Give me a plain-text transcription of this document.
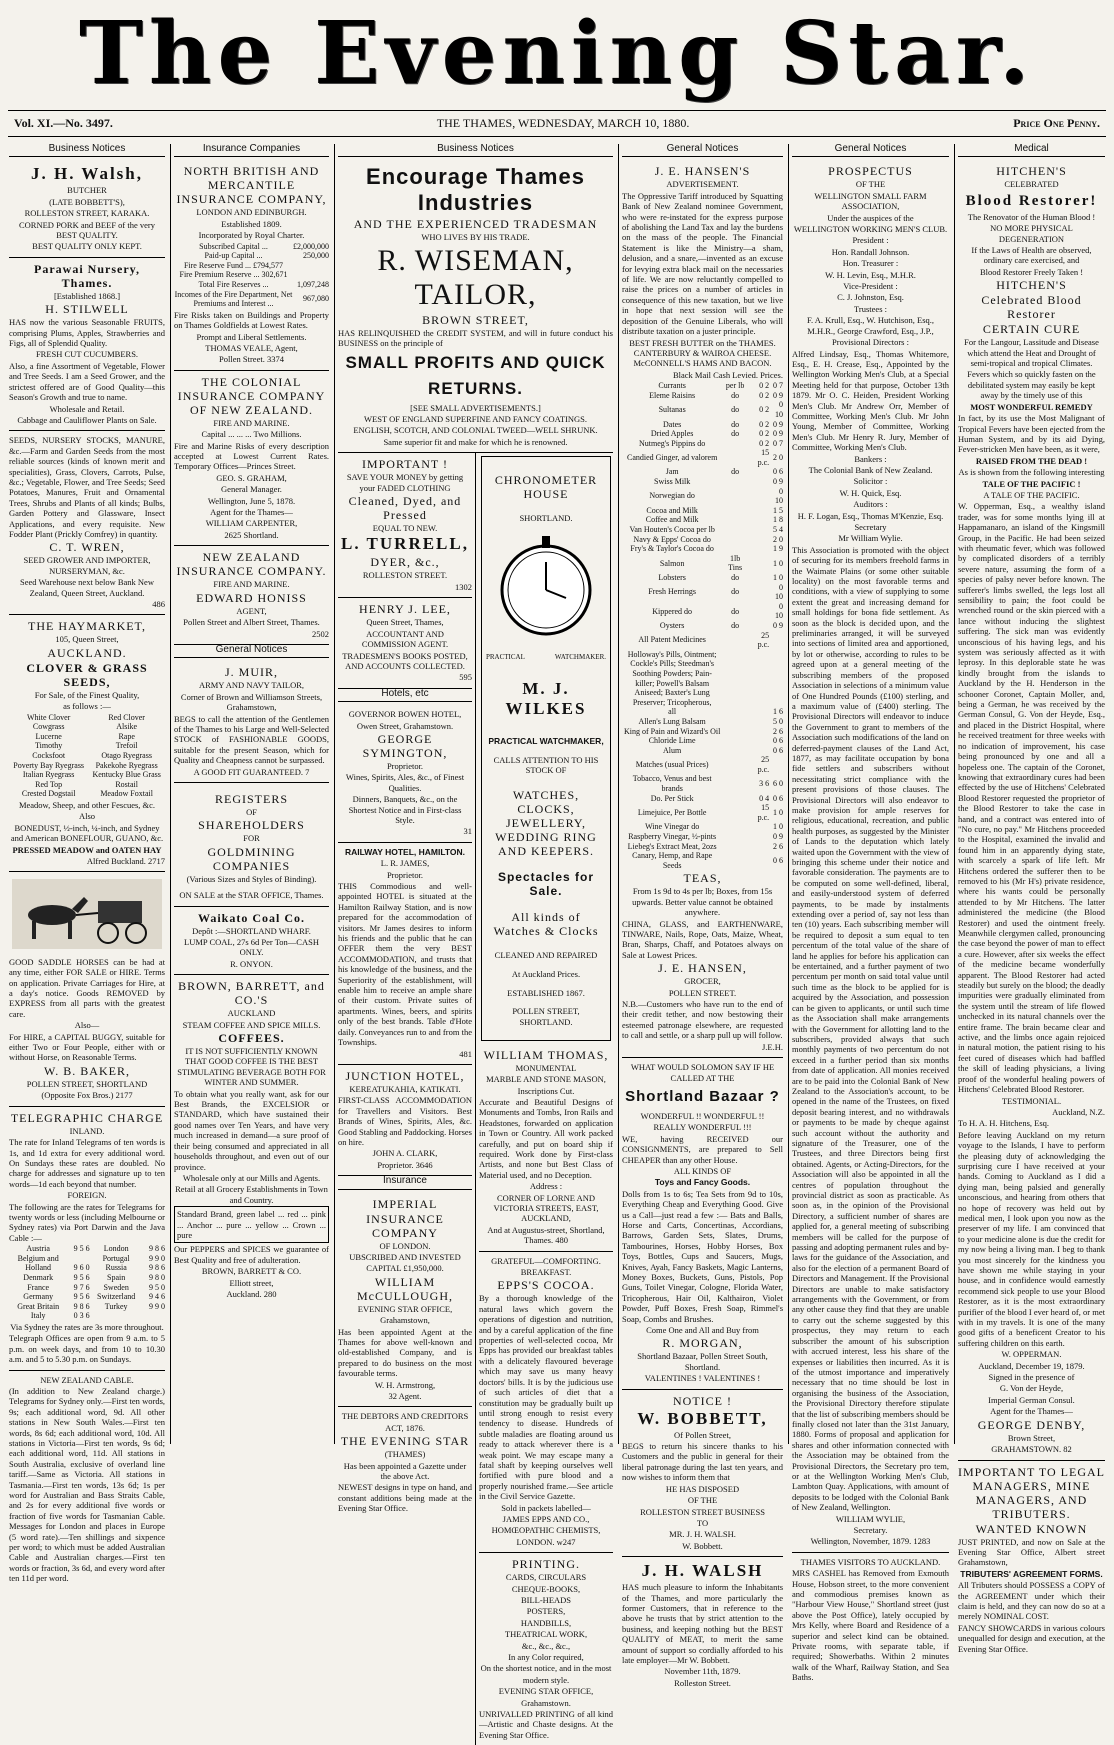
The Evening Star.
Vol. XI.—No. 3497.	THE THAMES, WEDNESDAY, MARCH 10, 1880.	Price One Penny.
Business Notices

J. H. Walsh,

BUTCHER

(LATE BOBBETT'S),

ROLLESTON STREET, KARAKA.

CORNED PORK and BEEF of the very BEST QUALITY.

BEST QUALITY ONLY KEPT.

Parawai Nursery, Thames.

[Established 1868.]

H. STILWELL

HAS now the various Seasonable FRUITS, comprising Plums, Apples, Strawberries and Figs, all of Splendid Quality.

FRESH CUT CUCUMBERS.

Also, a fine Assortment of Vegetable, Flower and Tree Seeds. I am a Seed Grower, and the strictest offered are of Good Quality—this Season's Growth and true to name.

Wholesale and Retail.

Cabbage and Cauliflower Plants on Sale.

SEEDS, NURSERY STOCKS, MANURE, &c.—Farm and Garden Seeds from the most reliable sources (kinds of known merit and specialities), Grass, Clovers, Carrots, Pulse, &c.; Vegetable, Flower, and Tree Seeds; Seed Potatoes, Manures, Fruit and Ornamental Trees, Shrubs and Plants of all kinds; Bulbs, Garden Pottery and Glassware, Insect Applications, and every requisite. New Fodder Plant (Prickly Comfrey) in quantity.

C. T. WREN,

SEED GROWER AND IMPORTER, NURSERYMAN, &c.

Seed Warehouse next below Bank New Zealand, Queen Street, Auckland.

486

THE HAYMARKET,

105, Queen Street,

AUCKLAND.

CLOVER & GRASS SEEDS,

For Sale, of the Finest Quality,

as follows :—

White Clover	Red Clover
Cowgrass	Alsike
Lucerne	Rape
Timothy	Trefoil
Cocksfoot	Otago Ryegrass
Poverty Bay Ryegrass	Pakekohe Ryegrass
Italian Ryegrass	Kentucky Blue Grass
Red Top	Rostail
Crested Dogstail	Meadow Foxtail

Meadow, Sheep, and other Fescues, &c.

Also

BONEDUST, ½-inch, ¼-inch, and Sydney and American BONEFLOUR, GUANO, &c.

PRESSED MEADOW and OATEN HAY

Alfred Buckland. 2717

GOOD SADDLE HORSES can be had at any time, either FOR SALE or HIRE. Terms on application. Private Carriages for Hire, at a day's notice. Goods REMOVED by EXPRESS from all parts with the greatest care.

Also—

For HIRE, a CAPITAL BUGGY, suitable for either Two or Four People, either with or without Horse, on Reasonable Terms.

W. B. BAKER,

POLLEN STREET, SHORTLAND

(Opposite Fox Bros.) 2177

TELEGRAPHIC CHARGE

INLAND.

The rate for Inland Telegrams of ten words is 1s, and 1d extra for every additional word. On Sundays these rates are doubled. No charge for addresses and signature up to ten words—1d each beyond that number.

FOREIGN.

The following are the rates for Telegrams for twenty words or less (including Melbourne or Sydney rates) via Port Darwin and the Java Cable :—

Austria	9 5 6	London	9 8 6
Belgium and		Portugal	9 9 0
Holland	9 6 0	Russia	9 8 6
Denmark	9 5 6	Spain	9 8 0
France	9 7 6	Sweden	9 5 0
Germany	9 5 6	Switzerland	9 4 6
Great Britain	9 8 6	Turkey	9 9 0
Italy	0 3 6		

Via Sydney the rates are 3s more throughout.

Telegraph Offices are open from 9 a.m. to 5 p.m. on week days, and from 10 to 10.30 a.m. and 5 to 5.30 p.m. on Sundays.

NEW ZEALAND CABLE.

(In addition to New Zealand charge.) Telegrams for Sydney only.—First ten words, 9s; each additional word, 9d. All other stations in New South Wales.—First ten words, 8s 6d; each additional word, 10d. All stations in Victoria—First ten words, 9s 6d; each additional word, 11d. All stations in South Australia, exclusive of overland line tariff.—Same as Victoria. All stations in Tasmania.—First ten words, 13s 6d; 1s per word for Australian and Bass Straits Cable, and 2s for every additional five words or fraction of five words for Tasmanian Cable. Messages for London and places in Europe (5 word rate).—Ten shillings and sixpence per word; to which must be added Australian Cable and Australian charges.—First ten words or fraction, 3s 6d, and every word after ten 11d per word.

Insurance Companies

NORTH BRITISH AND MERCANTILE INSURANCE COMPANY,

LONDON AND EDINBURGH.

Established 1809.

Incorporated by Royal Charter.

Subscribed Capital ...	£2,000,000
Paid-up Capital ...	250,000
Fire Reserve Fund ... £794,577	
Fire Premium Reserve ... 302,671	
Total Fire Reserves ...	1,097,248
Incomes of the Fire Department, Net Premiums and Interest ...	967,080

Fire Risks taken on Buildings and Property on Thames Goldfields at Lowest Rates.

Prompt and Liberal Settlements.

THOMAS VEALE, Agent,

Pollen Street. 3374

THE COLONIAL INSURANCE COMPANY OF NEW ZEALAND.

FIRE AND MARINE.

Capital ... ... ... Two Millions.

Fire and Marine Risks of every description accepted at Lowest Current Rates. Temporary Offices—Princes Street.

GEO. S. GRAHAM,

General Manager.

Wellington, June 5, 1878.

Agent for the Thames—

WILLIAM CARPENTER,

2625 Shortland.

NEW ZEALAND INSURANCE COMPANY.

FIRE AND MARINE.

EDWARD HONISS

AGENT,

Pollen Street and Albert Street, Thames.

2502

General Notices

J. MUIR,

ARMY AND NAVY TAILOR,

Corner of Brown and Williamson Streets, Grahamstown,

BEGS to call the attention of the Gentlemen of the Thames to his Large and Well-Selected STOCK of FASHIONABLE GOODS, suitable for the present Season, which for Quality and Cheapness cannot be surpassed.

A GOOD FIT GUARANTEED. 7

REGISTERS

OF

SHAREHOLDERS

FOR

GOLDMINING COMPANIES

(Various Sizes and Styles of Binding).

ON SALE at the STAR OFFICE, Thames.

Waikato Coal Co.

Depôt :—SHORTLAND WHARF.

LUMP COAL, 27s 6d Per Ton—CASH ONLY.

R. ONYON.

BROWN, BARRETT, and CO.'S

AUCKLAND

STEAM COFFEE AND SPICE MILLS.

COFFEES.

IT IS NOT SUFFICIENTLY KNOWN THAT GOOD COFFEE IS THE BEST STIMULATING BEVERAGE BOTH FOR WINTER AND SUMMER.

To obtain what you really want, ask for our Best Brands, the EXCELSIOR or STANDARD, which have sustained their good names over Ten Years, and have very much increased in demand—a sure proof of their being consumed and appreciated in all households throughout, and even out of our province.

Wholesale only at our Mills and Agents.

Retail at all Grocery Establishments in Town and Country.

Standard Brand, green label ... red ... pink ... Anchor ... pure ... yellow ... Crown ... pure

Our PEPPERS and SPICES we guarantee of Best Quality and free of adulteration.

BROWN, BARRETT & CO.

Elliott street,

Auckland. 280

Business Notices

Encourage Thames Industries

AND THE EXPERIENCED TRADESMAN

WHO LIVES BY HIS TRADE.

R. WISEMAN, TAILOR,

BROWN STREET,

HAS RELINQUISHED the CREDIT SYSTEM, and will in future conduct his BUSINESS on the principle of

SMALL PROFITS AND QUICK RETURNS.

[SEE SMALL ADVERTISEMENTS.]

WEST OF ENGLAND SUPERFINE AND FANCY COATINGS.

ENGLISH, SCOTCH, AND COLONIAL TWEED—WELL SHRUNK.

Same superior fit and make for which he is renowned.

IMPORTANT !

SAVE YOUR MONEY by getting your FADED CLOTHING

Cleaned, Dyed, and Pressed

EQUAL TO NEW.

L. TURRELL,

DYER, &c.,

ROLLESTON STREET.

1302

HENRY J. LEE,

Queen Street, Thames,

ACCOUNTANT AND COMMISSION AGENT.

TRADESMEN'S BOOKS POSTED, AND ACCOUNTS COLLECTED.

595

Hotels, etc

GOVERNOR BOWEN HOTEL,

Owen Street, Grahamstown.

GEORGE SYMINGTON,

Proprietor.

Wines, Spirits, Ales, &c., of Finest Qualities.

Dinners, Banquets, &c., on the Shortest Notice and in First-class Style.

31

RAILWAY HOTEL, HAMILTON.

L. R. JAMES,

Proprietor.

THIS Commodious and well-appointed HOTEL is situated at the Hamilton Railway Station, and is now prepared for the accommodation of visitors. Mr James desires to inform his friends and the public that he can OFFER them the very BEST ACCOMMODATION, and trusts that his knowledge of the business, and the Superiority of the establishment, will enable him to receive an ample share of their custom. Private suites of apartments. Wines, beers, and spirits only of the best brands. Table d'Hote daily. Conveyances run to and from the Townships.

481

JUNCTION HOTEL,

KEREATUKAHIA, KATIKATI.

FIRST-CLASS ACCOMMODATION for Travellers and Visitors. Best Brands of Wines, Spirits, Ales, &c. Good Stabling and Paddocking. Horses on hire.

JOHN A. CLARK,

Proprietor. 3646

Insurance

IMPERIAL

INSURANCE COMPANY

OF LONDON.

UBSCRIBED AND INVESTED

CAPITAL £1,950,000.

WILLIAM McCULLOUGH,

EVENING STAR OFFICE,

Grahamstown,

Has been appointed Agent at the Thames for above well-known and old-established Company, and is prepared to do business on the most favourable terms.

W. H. Armstrong,

32 Agent.

THE DEBTORS AND CREDITORS

ACT, 1876.

THE EVENING STAR

(THAMES)

Has been appointed a Gazette under the above Act.

NEWEST designs in type on hand, and constant additions being made at the Evening Star Office.

CHRONOMETER HOUSE

SHORTLAND.

PRACTICAL	WATCHMAKER.

M. J. WILKES

PRACTICAL WATCHMAKER,

CALLS ATTENTION TO HIS STOCK OF

WATCHES, CLOCKS, JEWELLERY, WEDDING RING AND KEEPERS.

Spectacles for Sale.

All kinds of Watches & Clocks

CLEANED AND REPAIRED

At Auckland Prices.

ESTABLISHED 1867.

POLLEN STREET, SHORTLAND.

WILLIAM THOMAS,

MONUMENTAL

MARBLE AND STONE MASON,

Inscriptions Cut.

Accurate and Beautiful Designs of Monuments and Tombs, Iron Rails and Headstones, forwarded on application in Town or Country. All work packed carefully, and put on board ship if required. Work done by First-class Artists, and none but Best Class of Material used, and no Deception.

Address :

CORNER OF LORNE AND VICTORIA STREETS, EAST, AUCKLAND,

And at Augustus-street, Shortland, Thames. 480

GRATEFUL—COMFORTING.

BREAKFAST.

EPPS'S COCOA.

By a thorough knowledge of the natural laws which govern the operations of digestion and nutrition, and by a careful application of the fine properties of well-selected cocoa, Mr Epps has provided our breakfast tables with a delicately flavoured beverage which may save us many heavy doctors' bills. It is by the judicious use of such articles of diet that a constitution may be gradually built up until strong enough to resist every tendency to disease. Hundreds of subtle maladies are floating around us ready to attack wherever there is a weak point. We may escape many a fatal shaft by keeping ourselves well fortified with pure blood and a properly nourished frame.—See article in the Civil Service Gazette.

Sold in packets labelled—

JAMES EPPS AND CO.,

HOMŒOPATHIC CHEMISTS,

LONDON. w247

PRINTING.

CARDS, CIRCULARS

CHEQUE-BOOKS,

BILL-HEADS

POSTERS,

HANDBILLS,

THEATRICAL WORK,

&c., &c., &c.,

In any Color required,

On the shortest notice, and in the most

modern style.

EVENING STAR OFFICE,

Grahamstown.

UNRIVALLED PRINTING of all kind —Artistic and Chaste designs. At the Evening Star Office.

General Notices

J. E. HANSEN'S

ADVERTISEMENT.

The Oppressive Tariff introduced by Squatting Bank of New Zealand nominee Government, who were re-instated for the express purpose of abolishing the Land Tax and lay the burdens on the mass of the people. The Financial Statement is like the Ministry—a sham, delusion, and a snare,—invented as an excuse for levying extra black mail on the necessaries of life. We are now reluctantly compelled to raise the prices on a number of articles in consequence of this new taxation, but we live in hope that next session will see the deposition of the Genuine Liberals, who will distribute taxation on a juster principle.

BEST FRESH BUTTER on the THAMES. CANTERBURY & WAIROA CHEESE. McCONNELL'S HAMS AND BACON.

Black Mail Cash Levied. Prices.

Currants	per lb	0 2	0 7
Eleme Raisins	do	0 2	0 9
Sultanas	do	0 2	0 10
Dates	do	0 2	0 9
Dried Apples	do	0 2	0 9
Nutmeg's Pippins do		0 2	0 7
Candied Ginger, ad valorem		15 p.c.	2 0
Jam	do		0 6
Swiss Milk			0 9
Norwegian do			0 10
Cocoa and Milk			1 5
Coffee and Milk			1 8
Van Houten's Cocoa per lb			5 4
Navy & Epps' Cocoa do			2 0
Fry's & Taylor's Cocoa do			1 9
Salmon	1lb Tins		1 0
Lobsters	do		1 0
Fresh Herrings	do		0 10
Kippered do	do		0 10
Oysters	do		0 9
All Patent Medicines		25 p.c.	
Holloway's Pills, Ointment;			
Cockle's Pills; Steedman's			
Soothing Powders; Pain-			
killer; Powell's Balsam			
Aniseed; Baxter's Lung			
Preserver; Tricopherous,			
all			1 6
Allen's Lung Balsam			5 0
King of Pain and Wizard's Oil			2 6
Chloride Lime			0 6
Alum			0 6
Matches (usual Prices)		25 p.c.	
Tobacco, Venus and best brands		3 6	6 0
Do. Per Stick		0 4	0 6
Limejuice, Per Bottle		15 p.c.	1 0
Wine Vinegar do			1 0
Raspberry Vinegar, ½-pints			0 9
Liebeg's Extract Meat, 2ozs			2 6
Canary, Hemp, and Rape Seeds			0 6

TEAS,

From 1s 9d to 4s per lb; Boxes, from 15s upwards. Better value cannot be obtained anywhere.

CHINA, GLASS, and EARTHENWARE, TINWARE, Nails, Rope, Oats, Maize, Wheat, Bran, Sharps, Chaff, and Potatoes always on Sale at Lowest Prices.

J. E. HANSEN,

GROCER,

POLLEN STREET.

N.B.—Customers who have run to the end of their credit tether, and now bestowing their esteemed patronage elsewhere, are requested to call and settle, or a sharp pull up will follow.

J.E.H.

WHAT WOULD SOLOMON SAY IF HE CALLED AT THE

Shortland Bazaar ?

WONDERFUL !! WONDERFUL !!

REALLY WONDERFUL !!!

WE, having RECEIVED our CONSIGNMENTS, are prepared to Sell CHEAPER than any other House.

ALL KINDS OF

Toys and Fancy Goods.

Dolls from 1s to 6s; Tea Sets from 9d to 10s, Everything Cheap and Everything Good. Give us a Call—just read a few :— Bats and Balls, Horse and Carts, Concertinas, Accordians, Barrows, Garden Sets, Slates, Drums, Tambourines, Horses, Hobby Horses, Box Toys, Bottles, Cups and Saucers, Mugs, Knives, Ayah, Fancy Baskets, Magic Lanterns, Money Boxes, Buckets, Guns, Pistols, Pop Guns, Toilet Vinegar, Cologne, Florida Water, Tricopherous, Hair Oil, Kalthairon, Violet Powder, Puff Boxes, Fresh Soap, Rimmel's Soap, Combs and Brushes.

Come One and All and Buy from

R. MORGAN,

Shortland Bazaar, Pollen Street South, Shortland.

VALENTINES ! VALENTINES !

NOTICE !

W. BOBBETT,

Of Pollen Street,

BEGS to return his sincere thanks to his Customers and the public in general for their liberal patronage during the last ten years, and now wishes to inform them that

HE HAS DISPOSED

OF THE

ROLLESTON STREET BUSINESS

TO

MR. J. H. WALSH.

W. Bobbett.

J. H. WALSH

HAS much pleasure to inform the Inhabitants of the Thames, and more particularly the former Customers, that in reference to the above he trusts that by strict attention to the business, and keeping nothing but the BEST QUALITY of MEAT, to merit the same amount of support so cordially afforded to his late employer—Mr W. Bobbett.

November 11th, 1879.

Rolleston Street.

General Notices

PROSPECTUS

OF THE

WELLINGTON SMALL FARM ASSOCIATION,

Under the auspices of the

WELLINGTON WORKING MEN'S CLUB.

President :

Hon. Randall Johnson.

Hon. Treasurer :

W. H. Levin, Esq., M.H.R.

Vice-President :

C. J. Johnston, Esq.

Trustees :

F. A. Krull, Esq., W. Hutchison, Esq., M.H.R., George Crawford, Esq., J.P.,

Provisional Directors :

Alfred Lindsay, Esq., Thomas Whitemore, Esq., E. H. Crease, Esq., Appointed by the Wellington Working Men's Club, at a Special Meeting held for that purpose, October 13th 1879. Mr O. C. Heiden, President Working Men's Club. Mr Andrew Orr, Member of Committee, Working Men's Club. Mr John Young, Member of Committee, Working Men's Club. Mr Henry R. Jury, Member of Committee, Working Men's Club.

Bankers :

The Colonial Bank of New Zealand.

Solicitor :

W. H. Quick, Esq.

Auditors :

H. F. Logan, Esq., Thomas M'Kenzie, Esq.

Secretary

Mr William Wylie.

This Association is promoted with the object of securing for its members freehold farms in the Waimate Plains (or some other suitable locality) on the most favorable terms and conditions, with a view of supplying to some extent the great and increasing demand for small holdings for bona fide settlement. As soon as the block is decided upon, and the preliminaries arranged, it will be surveyed into sections of limited area and apportioned, by lot or otherwise, according to rules to be agreed upon at a general meeting of the subscribing members of the proposed Association in selections of a minimum value of One Hundred Pounds (£100) sterling, and a maximum value of (£400) sterling. The Provisional Directors will endeavor to induce the Government to grant to members of the Association such modifications of the land on deferred-payment clauses of the Land Act, 1877, as may facilitate occupation by bona fide settlers and subscribers without necessitating strict compliance with the present provisions of those clauses. The Provisional Directors will also endeavor to make provision for ample reserves for religious, educational, recreation, and public health purposes, as suggested by the Minister of Lands to the deputation which lately waited upon the Government with the view of bringing this scheme under their notice and favorable consideration. The payments are to be computed on some well-defined, liberal, and easily-understood system of deferred payments, to be made by instalments extending over a period of, say not less than ten (10) years. Each subscribing member will be required to deposit a sum equal to ten percentum of the total value of the share of land he applies for before his application can be entertained, and a further payment of two percentum per month on said total value until such time as the block to be applied for is acquired by the Association, and possession can be given to applicants, or until such time as the Association shall make arrangements with the Government for allotting land to the subscribers, provided always that such monthly payments of two percentum do not exceed in a further period than six months from date of application. All monies received are to be paid into the Colonial Bank of New Zealand to the Association's account, to be opened in the name of the Trustees, on fixed deposit bearing interest, and no withdrawals or payments to be made by cheque against such account without the authority and signature of the Treasurer, one of the Trustees, and three Directors being first obtained. Agents, or Acting-Directors, for the Association will also be appointed in all the centres of population throughout the provincial district as soon as practicable. As soon as, in the opinion of the Provisional Directory, a sufficient number of shares are applied for, a general meeting of subscribing members will be called for the purpose of passing and adopting permanent rules and by-laws for the guidance of the Association, and also for the election of a permanent Board of Directors and Management. If the Provisional Directors are unable to make satisfactory arrangements with the Government, or from any other cause they find that they are unable to carry out the scheme suggested by this prospectus, they may return to each subscriber the amount of his subscription with accrued interest, less his share of the expenses or liabilities then incurred. As it is of the utmost importance and imperatively necessary that no time should be lost in organising the business of the Association, the Provisional Directory therefore stipulate that the list of subscribing members should be finally closed not later than the 31st January, 1880. Forms of proposal and application for shares and other information connected with the Association may be obtained from the Provisional Directors, the Secretary pro tem, or at the Wellington Working Men's Club, Lambton Quay. Applications, with amount of deposits to be lodged with the Colonial Bank of New Zealand, Wellington.

WILLIAM WYLIE,

Secretary.

Wellington, November, 1879. 1283

THAMES VISITORS TO AUCKLAND.

MRS CASHEL has Removed from Exmouth House, Hobson street, to the more convenient and commodious premises known as "Harbour View House," Shortland street (just above the Post Office), lately occupied by Mrs Kelly, where Board and Residence of a superior and select kind can be obtained. Private rooms, with separate table, if required; Showerbaths. Within 2 minutes walk of the Wharf, Railway Station, and Sea Baths.

Medical

HITCHEN'S

CELEBRATED

Blood Restorer!

The Renovator of the Human Blood !

NO MORE PHYSICAL DEGENERATION

If the Laws of Health are observed, ordinary care exercised, and

Blood Restorer Freely Taken !

HITCHEN'S

Celebrated Blood Restorer

CERTAIN CURE

For the Langour, Lassitude and Disease which attend the Heat and Drought of semi-tropical and tropical Climates.

Fevers which so quickly fasten on the debilitated system may easily be kept away by the timely use of this

MOST WONDERFUL REMEDY

In fact, by its use the Most Malignant of Tropical Fevers have been ejected from the Human System, and by its aid Dying, Fever-stricken Men have been, as it were,

RAISED FROM THE DEAD !

As is shown from the following interesting

TALE OF THE PACIFIC !

A TALE OF THE PACIFIC.

W. Opperman, Esq., a wealthy island trader, was for some months lying ill at Happamanaro, an island of the Kingsmill Group, in the Pacific. He had been seized with rheumatic fever, which was followed by complicated disorders of a terribly severe nature, assuming the form of a species of palsy never before known. The sufferer's limbs swelled, the legs lost all sensibility to pain; the foot could be wrenched round or the skin pierced with a lance without inducing the slightest suffering. The sick man was evidently unconscious of his having legs, and his system was seriously affected as it with leprosy. In this deplorable state he was kindly brought from the islands to Auckland by the H. Henderson in the schooner Coronet, Captain Moller, and, being a German, he was received by the German Consul, G. Von der Heyde, Esq., and placed in the District Hospital, where he received treatment for three weeks with no indication of improvement, his case being pronounced by one and all a hopeless one. The captain of the Coronet, knowing that extraordinary cures had been effected by the use of Hitchens' Celebrated Blood Restorer requested the proprietor of the Blood Restorer to take the case in hand, and a contract was entered into of "No cure, no pay." Mr Hitchens proceeded to the Hospital, examined the invalid and found him in an apparently dying state, with scarcely a spark of life left. Mr Hitchens ordered the sufferer then to be removed to his (Mr H's) private residence, where his wants could be personally attended to by Mr Hitchens. The latter administered the medicine (the Blood Restorer) and used the ointment freely. Meanwhile clergymen called, pronouncing the case beyond the power of man to effect a cure. However, after six weeks the effect of the medicine became wonderfully apparent. The Blood Restorer had acted steadily but surely on the blood; the deadly impurities were gradually eliminated from the system until the stream of life flowed unchecked in its natural channels over the entire frame. The brain became clear and active, and the limbs once again rejoiced in natural motion, the patient rising to his feet cured of diseases which had baffled the skill of leading physicians, a living proof of the wonderful healing powers of Hitchens' Celebrated Blood Restorer.

TESTIMONIAL.

Auckland, N.Z.

To H. A. H. Hitchens, Esq.

Before leaving Auckland on my return voyage to the Islands, I have to perform the pleasing duty of acknowledging the surprising cure I have received at your hands. Coming to Auckland as I did a dying man, being palsied and generally unconscious, and hearing from others that no hope of recovery was held out by medical men, I look upon you now as the preserver of my life. I am convinced that to your medicine alone is due the credit for my now being a living man. I beg to thank you most sincerely for the kindness you have shown me while staying in your house, and in confidence would earnestly recommend sick people to use your Blood Restorer, as it is the most extraordinary purifier of the blood I ever heard of, or met with in my travels. It is one of the many good gifts of a beneficent Creator to his suffering children on this earth.

W. OPPERMAN.

Auckland, December 19, 1879.

Signed in the presence of

G. Von der Heyde,

Imperial German Consul.

Agent for the Thames—

GEORGE DENBY,

Brown Street,

GRAHAMSTOWN. 82

IMPORTANT TO LEGAL MANAGERS, MINE MANAGERS, AND TRIBUTERS.

WANTED KNOWN

JUST PRINTED, and now on Sale at the Evening Star Office, Albert street Grahamstown,

TRIBUTERS' AGREEMENT FORMS.

All Tributers should POSSESS a COPY of the AGREEMENT under which their claim is held, and they can now do so at a merely NOMINAL COST.

FANCY SHOWCARDS in various colours unequalled for design and execution, at the Evening Star Office.
